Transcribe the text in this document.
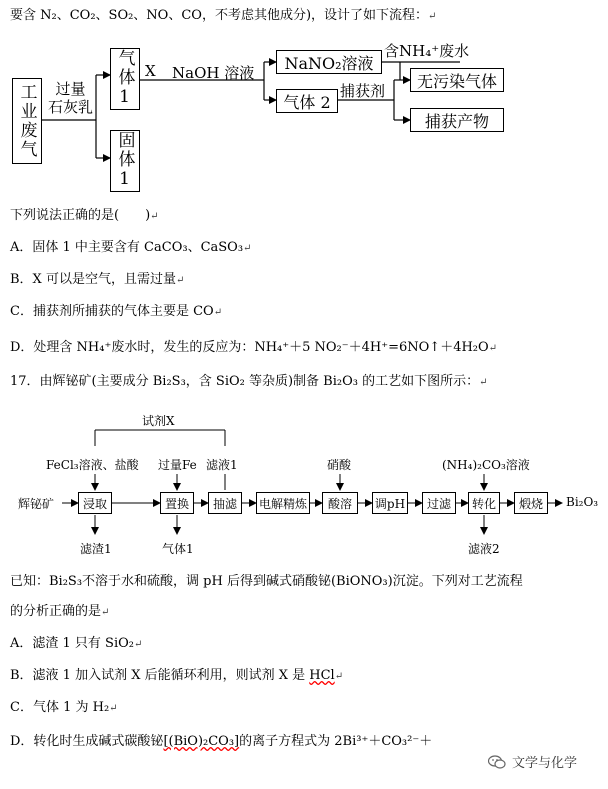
要含 N₂、CO₂、SO₂、NO、CO，不考虑其他成分)，设计了如下流程：↵
工业废气	过量
石灰乳 气体1
固体1
X NaOH 溶液
NaNO₂溶液
含NH₄⁺废水
气体 2
捕获剂
无污染气体
捕获产物
下列说法正确的是(　　)↵
A．固体 1 中主要含有 CaCO₃、CaSO₃↵
B．X 可以是空气，且需过量↵
C．捕获剂所捕获的气体主要是 CO↵
D．处理含 NH₄⁺废水时，发生的反应为：NH₄⁺＋5 NO₂⁻＋4H⁺=6NO↑＋4H₂O↵
17．由辉铋矿(主要成分 Bi₂S₃，含 SiO₂ 等杂质)制备 Bi₂O₃ 的工艺如下图所示：↵
试剂X
FeCl₃溶液、盐酸 过量Fe 滤液1	硝酸	(NH₄)₂CO₃溶液
辉铋矿 浸取	置换 抽滤 电解精炼 酸溶 调pH 过滤 转化 煅烧 Bi₂O₃
滤渣1	气体1	滤液2
已知：Bi₂S₃不溶于水和硫酸，调 pH 后得到碱式硝酸铋(BiONO₃)沉淀。下列对工艺流程
的分析正确的是↵
A．滤渣 1 只有 SiO₂↵
B．滤液 1 加入试剂 X 后能循环利用，则试剂 X 是 HCl↵
C．气体 1 为 H₂↵
D．转化时生成碱式碳酸铋[(BiO)₂CO₃]的离子方程式为 2Bi³⁺＋CO₃²⁻＋
文学与化学
